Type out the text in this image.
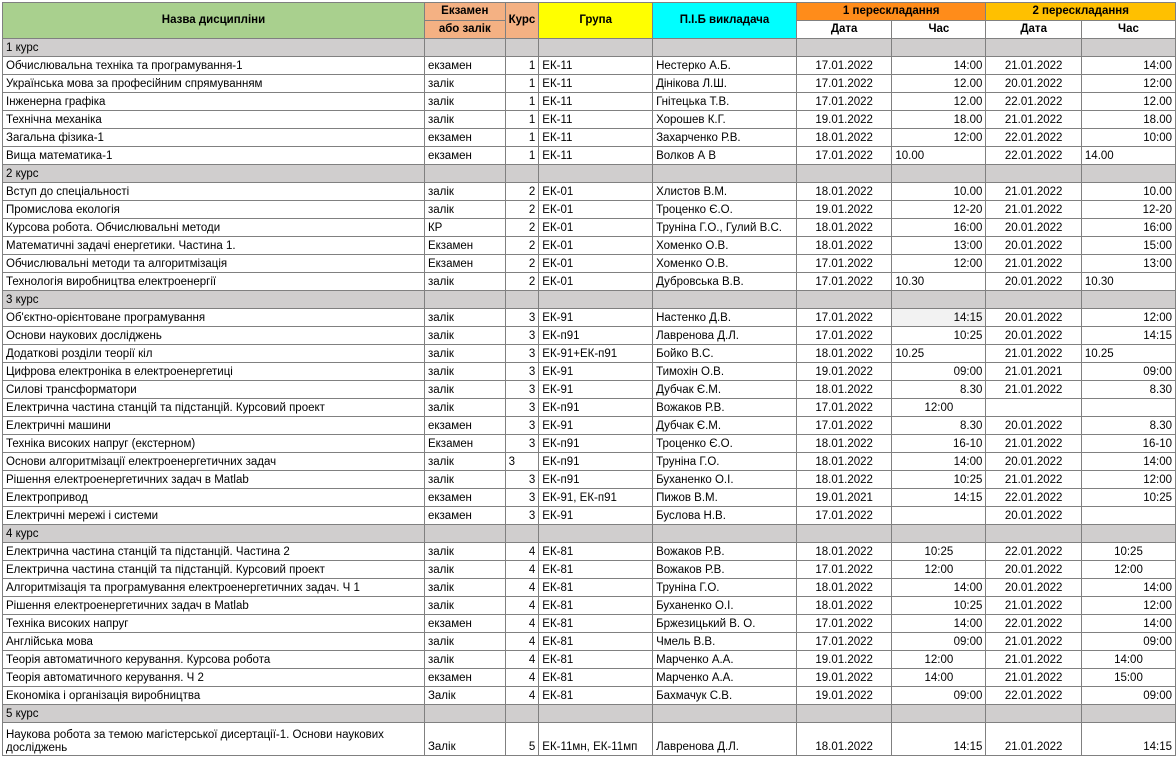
Назва дисципліни	Екзамен	Курс	Група	П.І.Б викладача	1 перескладання		2 перескладання	
	або залік				Дата	Час	Дата	Час
1 курс								
Обчислювальна техніка та програмування-1	екзамен	1	ЕК-11	Нестерко А.Б.	17.01.2022	14:00	21.01.2022	14:00
Українська мова за професійним спрямуванням	залік	1	ЕК-11	Дінікова Л.Ш.	17.01.2022	12.00	20.01.2022	12:00
Інженерна графіка	залік	1	ЕК-11	Гнітецька Т.В.	17.01.2022	12.00	22.01.2022	12.00
Технічна механіка	залік	1	ЕК-11	Хорошев К.Г.	19.01.2022	18.00	21.01.2022	18.00
Загальна фізика-1	екзамен	1	ЕК-11	Захарченко Р.В.	18.01.2022	12:00	22.01.2022	10:00
Вища математика-1	екзамен	1	ЕК-11	Волков А В	17.01.2022	10.00	22.01.2022	14.00
2 курс								
Вступ до спеціальності	залік	2	ЕК-01	Хлистов В.М.	18.01.2022	10.00	21.01.2022	10.00
Промислова екологія	залік	2	ЕК-01	Троценко Є.О.	19.01.2022	12-20	21.01.2022	12-20
Курсова робота. Обчислювальні методи	КР	2	ЕК-01	Труніна Г.О., Гулий В.С.	18.01.2022	16:00	20.01.2022	16:00
Математичні задачі енергетики. Частина 1.	Екзамен	2	ЕК-01	Хоменко О.В.	18.01.2022	13:00	20.01.2022	15:00
Обчислювальні методи та алгоритмізація	Екзамен	2	ЕК-01	Хоменко О.В.	17.01.2022	12:00	21.01.2022	13:00
Технологія виробництва електроенергії	залік	2	ЕК-01	Дубровська В.В.	17.01.2022	10.30	20.01.2022	10.30
3 курс								
Об'єктно-орієнтоване програмування	залік	3	ЕК-91	Настенко Д.В.	17.01.2022	14:15	20.01.2022	12:00
Основи наукових досліджень	залік	3	ЕК-п91	Лавренова Д.Л.	17.01.2022	10:25	20.01.2022	14:15
Додаткові розділи теорії кіл	залік	3	ЕК-91+ЕК-п91	Бойко В.С.	18.01.2022	10.25	21.01.2022	10.25
Цифрова електроніка в електроенергетиці	залік	3	ЕК-91	Тимохін О.В.	19.01.2022	09:00	21.01.2021	09:00
Силові трансформатори	залік	3	ЕК-91	Дубчак Є.М.	18.01.2022	8.30	21.01.2022	8.30
Електрична частина станцій та підстанцій. Курсовий проект	залік	3	ЕК-п91	Вожаков Р.В.	17.01.2022	12:00		
Електричні машини	екзамен	3	ЕК-91	Дубчак Є.М.	17.01.2022	8.30	20.01.2022	8.30
Техніка високих напруг (екстерном)	Екзамен	3	ЕК-п91	Троценко Є.О.	18.01.2022	16-10	21.01.2022	16-10
Основи алгоритмізації електроенергетичних задач	залік	3	ЕК-п91	Труніна Г.О.	18.01.2022	14:00	20.01.2022	14:00
Рішення електроенергетичних задач в Matlab	залік	3	ЕК-п91	Буханенко О.І.	18.01.2022	10:25	21.01.2022	12:00
Електропривод	екзамен	3	ЕК-91, ЕК-п91	Пижов В.М.	19.01.2021	14:15	22.01.2022	10:25
Електричні мережі і системи	екзамен	3	ЕК-91	Буслова Н.В.	17.01.2022		20.01.2022	
4 курс								
Електрична частина станцій та підстанцій. Частина 2	залік	4	ЕК-81	Вожаков Р.В.	18.01.2022	10:25	22.01.2022	10:25
Електрична частина станцій та підстанцій. Курсовий проект	залік	4	ЕК-81	Вожаков Р.В.	17.01.2022	12:00	20.01.2022	12:00
Алгоритмізація та програмування електроенергетичних задач. Ч 1	залік	4	ЕК-81	Труніна Г.О.	18.01.2022	14:00	20.01.2022	14:00
Рішення електроенергетичних задач в Matlab	залік	4	ЕК-81	Буханенко О.І.	18.01.2022	10:25	21.01.2022	12:00
Техніка високих напруг	екзамен	4	ЕК-81	Бржезицький В. О.	17.01.2022	14:00	22.01.2022	14:00
Англійська мова	залік	4	ЕК-81	Чмель В.В.	17.01.2022	09:00	21.01.2022	09:00
Теорія автоматичного керування. Курсова робота	залік	4	ЕК-81	Марченко А.А.	19.01.2022	12:00	21.01.2022	14:00
Теорія автоматичного керування. Ч 2	екзамен	4	ЕК-81	Марченко А.А.	19.01.2022	14:00	21.01.2022	15:00
Економіка і організація виробництва	Залік	4	ЕК-81	Бахмачук С.В.	19.01.2022	09:00	22.01.2022	09:00
5 курс								
Наукова робота за темою магістерської дисертації-1. Основи наукових досліджень	Залік	5	ЕК-11мн, ЕК-11мп	Лавренова Д.Л.	18.01.2022	14:15	21.01.2022	14:15
